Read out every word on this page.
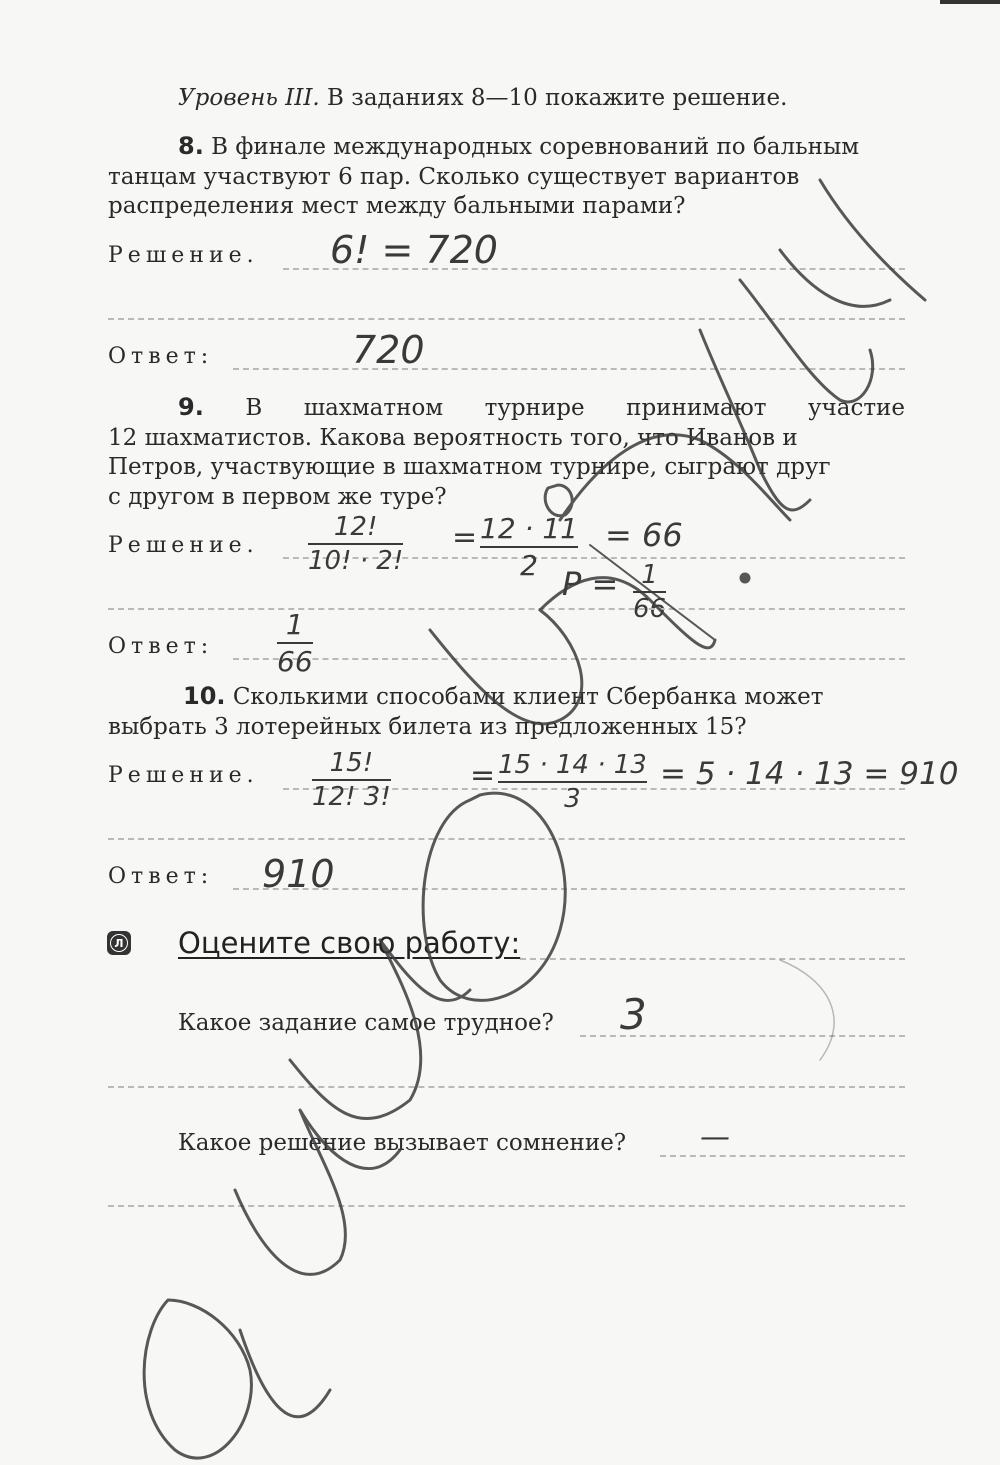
Уровень III. В заданиях 8—10 покажите решение.

8. В финале международных соревнований по бальным
танцам участвуют 6 пар. Сколько существует вариантов
распределения мест между бальными парами?
Решение. 6! = 720
Ответ:	720
9. В шахматном турнире принимают участие
12 шахматистов. Какова вероятность того, что Иванов и
Петров, участвующие в шахматном турнире, сыграют друг
с другом в первом же туре?
Решение.
12!
10! · 2!
= 12 · 11
2
= 66
P = 1
66
Ответ:
1
66
10. Сколькими способами клиент Сбербанка может
выбрать 3 лотерейных билета из предложенных 15?
Решение.	15!
12! 3!
= 15 · 14 · 13
3
= 5 · 14 · 13 = 910
Ответ: 910
Л Оцените свою работу:
Какое задание самое трудное? 3
Какое решение вызывает сомнение? —
